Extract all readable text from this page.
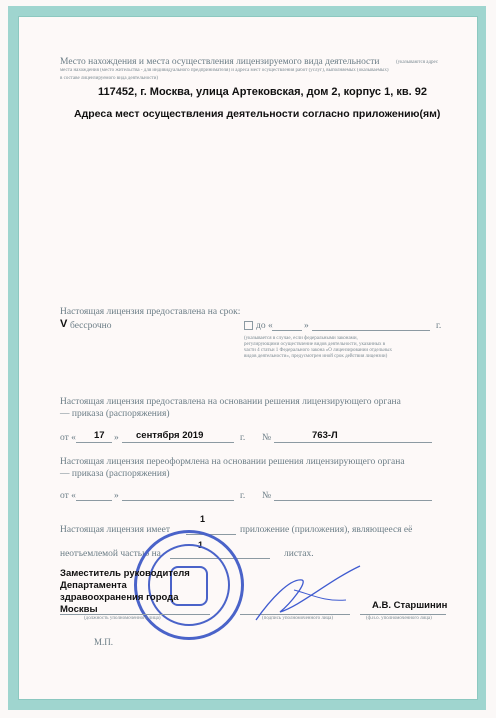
Место нахождения и места осуществления лицензируемого вида деятельности	(указываются адрес
места нахождения (место жительства - для индивидуального предпринимателя) и адреса мест осуществления работ (услуг), выполняемых (оказываемых)
в составе лицензируемого вида деятельности)
117452, г. Москва, улица Артековская, дом 2, корпус 1, кв. 92
Адреса мест осуществления деятельности согласно приложению(ям)
Настоящая лицензия предоставлена на срок:
V бессрочно	до «	»	г.
(указывается в случае, если федеральными законами, регулирующими осуществление видов деятельности, указанных в части 4 статьи 1 Федерального закона «О лицензировании отдельных видов деятельности», предусмотрен иной срок действия лицензии)
Настоящая лицензия предоставлена на основании решения лицензирующего органа
— приказа (распоряжения)
от « 17 » сентября 2019	г. №	763-Л
Настоящая лицензия переоформлена на основании решения лицензирующего органа
— приказа (распоряжения)
от «	»	г. №
Настоящая лицензия имеет
1
приложение (приложения), являющееся её
неотъемлемой частью на
1
листах.
Заместитель руководителя
Департамента
здравоохранения города
Москвы
(должность уполномоченного лица)	(подпись уполномоченного лица)
А.В. Старшинин
(ф.и.о. уполномоченного лица)
М.П.
